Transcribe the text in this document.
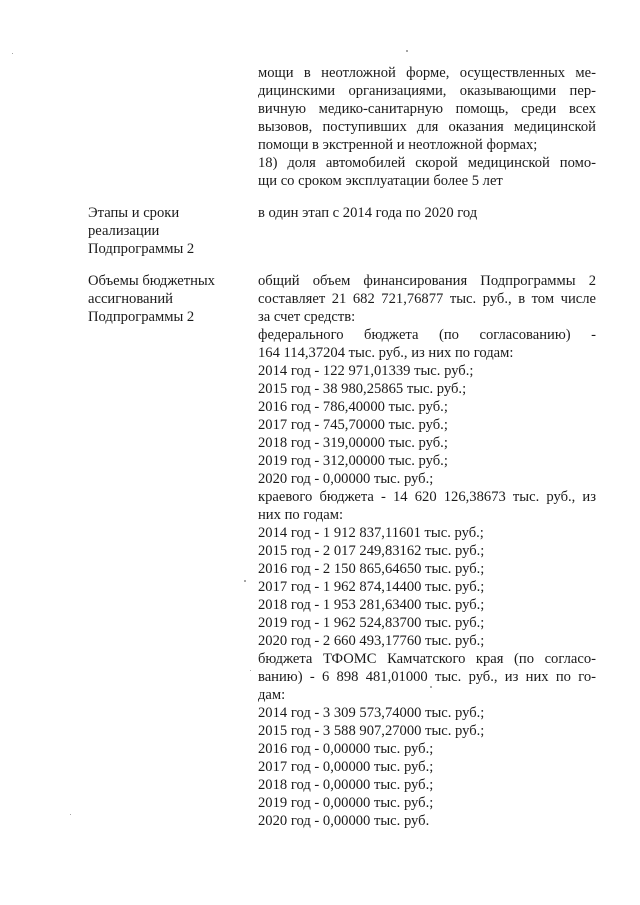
мощи в неотложной форме, осуществленных ме-
дицинскими организациями, оказывающими пер-
вичную медико-санитарную помощь, среди всех
вызовов, поступивших для оказания медицинской
помощи в экстренной и неотложной формах;
18) доля автомобилей скорой медицинской помо-
щи со сроком эксплуатации более 5 лет
Этапы и сроки
реализации
Подпрограммы 2
в один этап с 2014 года по 2020 год
Объемы бюджетных
ассигнований
Подпрограммы 2
общий объем финансирования Подпрограммы 2
составляет 21 682 721,76877 тыс. руб., в том числе
за счет средств:
федерального бюджета (по согласованию) -
164 114,37204 тыс. руб., из них по годам:
2014 год - 122 971,01339 тыс. руб.;
2015 год - 38 980,25865 тыс. руб.;
2016 год - 786,40000 тыс. руб.;
2017 год - 745,70000 тыс. руб.;
2018 год - 319,00000 тыс. руб.;
2019 год - 312,00000 тыс. руб.;
2020 год - 0,00000 тыс. руб.;
краевого бюджета - 14 620 126,38673 тыс. руб., из
них по годам:
2014 год - 1 912 837,11601 тыс. руб.;
2015 год - 2 017 249,83162 тыс. руб.;
2016 год - 2 150 865,64650 тыс. руб.;
2017 год - 1 962 874,14400 тыс. руб.;
2018 год - 1 953 281,63400 тыс. руб.;
2019 год - 1 962 524,83700 тыс. руб.;
2020 год - 2 660 493,17760 тыс. руб.;
бюджета ТФОМС Камчатского края (по согласо-
ванию) - 6 898 481,01000 тыс. руб., из них по го-
дам:
2014 год - 3 309 573,74000 тыс. руб.;
2015 год - 3 588 907,27000 тыс. руб.;
2016 год - 0,00000 тыс. руб.;
2017 год - 0,00000 тыс. руб.;
2018 год - 0,00000 тыс. руб.;
2019 год - 0,00000 тыс. руб.;
2020 год - 0,00000 тыс. руб.
